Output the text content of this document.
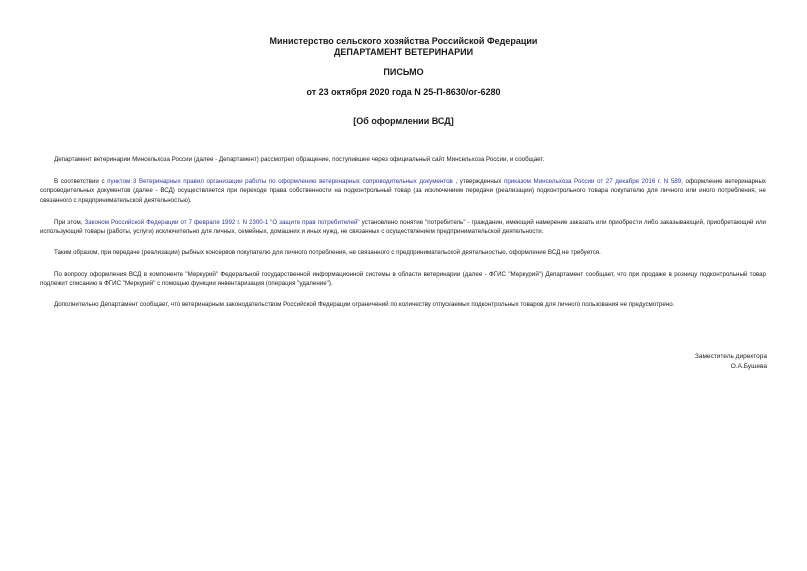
Министерство сельского хозяйства Российской Федерации
ДЕПАРТАМЕНТ ВЕТЕРИНАРИИ
ПИСЬМО
от 23 октября 2020 года N 25-П-8630/ог-6280
[Об оформлении ВСД]

Департамент ветеринарии Минсельхоза России (далее - Департамент) рассмотрел обращение, поступившее через официальный сайт Минсельхоза России, и сообщает.

В соответствии с пунктом 3 Ветеринарных правил организации работы по оформлению ветеринарных сопроводительных документов , утвержденных приказом Минсельхоза России от 27 декабря 2016 г. N 589, оформление ветеринарных сопроводительных документов (далее - ВСД) осуществляется при переходе права собственности на подконтрольный товар (за исключением передачи (реализации) подконтрольного товара покупателю для личного или иного потребления, не связанного с предпринимательской деятельностью).

При этом, Законом Российской Федерации от 7 февраля 1992 г. N 2300-1 "О защите прав потребителей" установлено понятие "потребитель" - гражданин, имеющий намерение заказать или приобрести либо заказывающий, приобретающий или использующий товары (работы, услуги) исключительно для личных, семейных, домашних и иных нужд, не связанных с осуществлением предпринимательской деятельности.

Таким образом, при передаче (реализации) рыбных консервов покупателю для личного потребления, не связанного с предпринимательской деятельностью, оформление ВСД не требуется.

По вопросу оформления ВСД в компоненте "Меркурий" Федеральной государственной информационной системы в области ветеринарии (далее - ФГИС "Меркурий") Департамент сообщает, что при продаже в розницу подконтрольный товар подлежит списанию в ФГИС "Меркурий" с помощью функции инвентаризация (операция "удаление").

Дополнительно Департамент сообщает, что ветеринарным законодательством Российской Федерации ограничений по количеству отпускаемых подконтрольных товаров для личного пользования не предусмотрено.

Заместитель директора
О.А.Бушева
